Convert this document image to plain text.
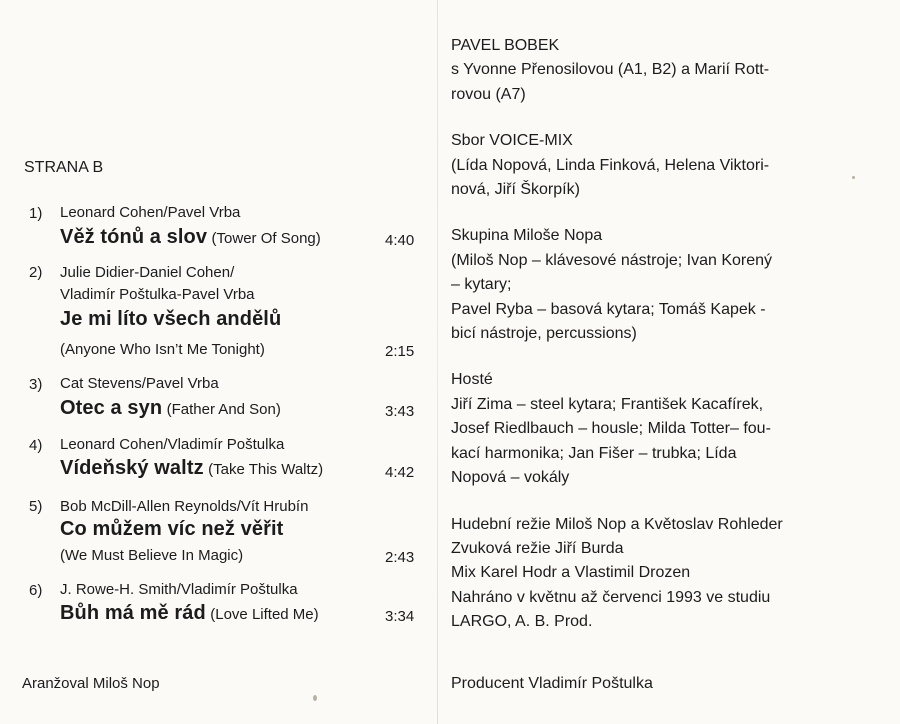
STRANA B
1) Leonard Cohen/Pavel Vrba
Věž tónů a slov (Tower Of Song)	4:40
2) Julie Didier-Daniel Cohen/
Vladimír Poštulka-Pavel Vrba
Je mi líto všech andělů
(Anyone Who Isn’t Me Tonight)	2:15
3) Cat Stevens/Pavel Vrba
Otec a syn (Father And Son)	3:43
4) Leonard Cohen/Vladimír Poštulka
Vídeňský waltz (Take This Waltz)	4:42
5) Bob McDill-Allen Reynolds/Vít Hrubín
Co můžem víc než věřit
(We Must Believe In Magic)	2:43
6) J. Rowe-H. Smith/Vladimír Poštulka
Bůh má mě rád (Love Lifted Me)	3:34
Aranžoval Miloš Nop
PAVEL BOBEK
s Yvonne Přenosilovou (A1, B2) a Marií Rott-
rovou (A7)
Sbor VOICE-MIX
(Lída Nopová, Linda Finková, Helena Viktori-
nová, Jiří Škorpík)
Skupina Miloše Nopa
(Miloš Nop – klávesové nástroje; Ivan Korený
– kytary;
Pavel Ryba – basová kytara; Tomáš Kapek -
bicí nástroje, percussions)
Hosté
Jiří Zima – steel kytara; František Kacafírek,
Josef Riedlbauch – housle; Milda Totter– fou-
kací harmonika; Jan Fišer – trubka; Lída
Nopová – vokály
Hudební režie Miloš Nop a Květoslav Rohleder
Zvuková režie Jiří Burda
Mix Karel Hodr a Vlastimil Drozen
Nahráno v květnu až červenci 1993 ve studiu
LARGO, A. B. Prod.
Producent Vladimír Poštulka
